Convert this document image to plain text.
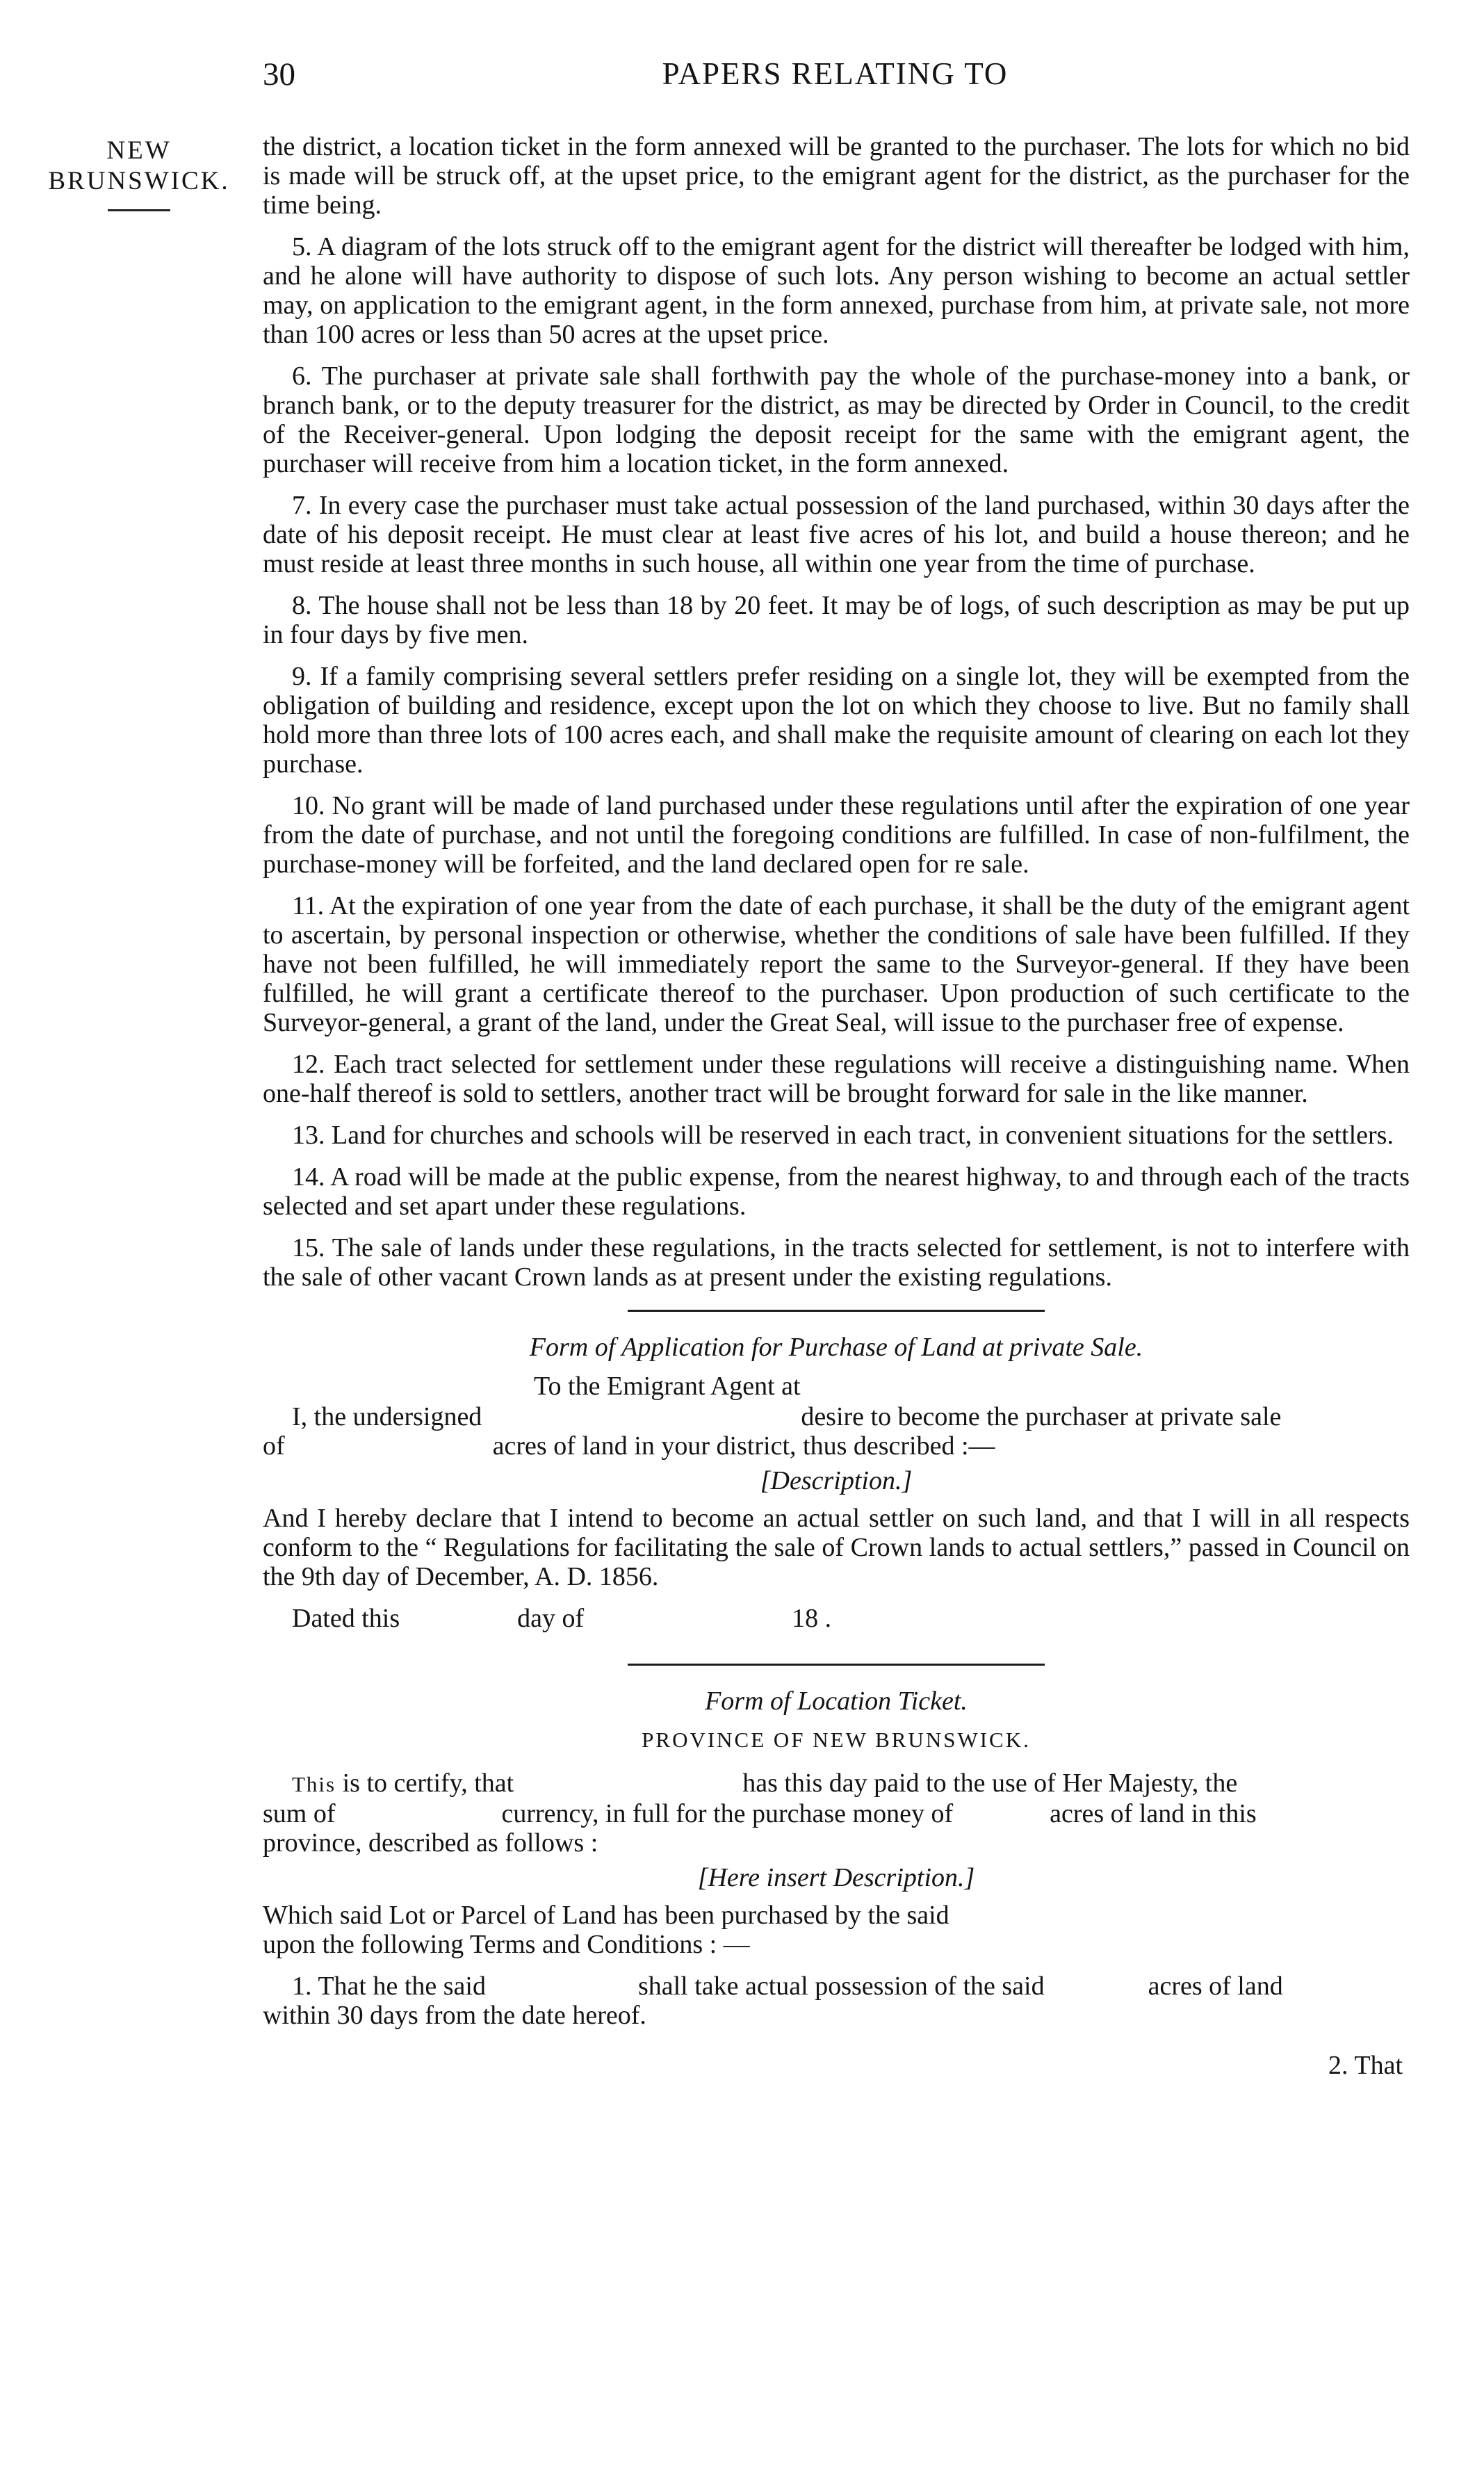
30	PAPERS RELATING TO
NEW
BRUNSWICK.

the district, a location ticket in the form annexed will be granted to the purchaser. The lots for which no bid is made will be struck off, at the upset price, to the emigrant agent for the district, as the purchaser for the time being.

5. A diagram of the lots struck off to the emigrant agent for the district will thereafter be lodged with him, and he alone will have authority to dispose of such lots. Any person wishing to become an actual settler may, on application to the emigrant agent, in the form annexed, purchase from him, at private sale, not more than 100 acres or less than 50 acres at the upset price.

6. The purchaser at private sale shall forthwith pay the whole of the purchase-money into a bank, or branch bank, or to the deputy treasurer for the district, as may be directed by Order in Council, to the credit of the Receiver-general. Upon lodging the deposit receipt for the same with the emigrant agent, the purchaser will receive from him a location ticket, in the form annexed.

7. In every case the purchaser must take actual possession of the land purchased, within 30 days after the date of his deposit receipt. He must clear at least five acres of his lot, and build a house thereon; and he must reside at least three months in such house, all within one year from the time of purchase.

8. The house shall not be less than 18 by 20 feet. It may be of logs, of such description as may be put up in four days by five men.

9. If a family comprising several settlers prefer residing on a single lot, they will be exempted from the obligation of building and residence, except upon the lot on which they choose to live. But no family shall hold more than three lots of 100 acres each, and shall make the requisite amount of clearing on each lot they purchase.

10. No grant will be made of land purchased under these regulations until after the expiration of one year from the date of purchase, and not until the foregoing conditions are fulfilled. In case of non-fulfilment, the purchase-money will be forfeited, and the land declared open for re sale.

11. At the expiration of one year from the date of each purchase, it shall be the duty of the emigrant agent to ascertain, by personal inspection or otherwise, whether the conditions of sale have been fulfilled. If they have not been fulfilled, he will immediately report the same to the Surveyor-general. If they have been fulfilled, he will grant a certificate thereof to the purchaser. Upon production of such certificate to the Surveyor-general, a grant of the land, under the Great Seal, will issue to the purchaser free of expense.

12. Each tract selected for settlement under these regulations will receive a distinguishing name. When one-half thereof is sold to settlers, another tract will be brought forward for sale in the like manner.

13. Land for churches and schools will be reserved in each tract, in convenient situations for the settlers.

14. A road will be made at the public expense, from the nearest highway, to and through each of the tracts selected and set apart under these regulations.

15. The sale of lands under these regulations, in the tracts selected for settlement, is not to interfere with the sale of other vacant Crown lands as at present under the existing regulations.

Form of Application for Purchase of Land at private Sale.

To the Emigrant Agent at

I, the undersigned	desire to become the purchaser at private sale

of	acres of land in your district, thus described :—

[Description.]

And I hereby declare that I intend to become an actual settler on such land, and that I will in all respects conform to the “ Regulations for facilitating the sale of Crown lands to actual settlers,” passed in Council on the 9th day of December, A. D. 1856.

Dated this	day of	18 .

Form of Location Ticket.

PROVINCE OF NEW BRUNSWICK.

This is to certify, that	has this day paid to the use of Her Majesty, the

sum of	currency, in full for the purchase money of	acres of land in this

province, described as follows :

[Here insert Description.]

Which said Lot or Parcel of Land has been purchased by the said

upon the following Terms and Conditions : —

1. That he the said	shall take actual possession of the said	acres of land

within 30 days from the date hereof.

2. That
